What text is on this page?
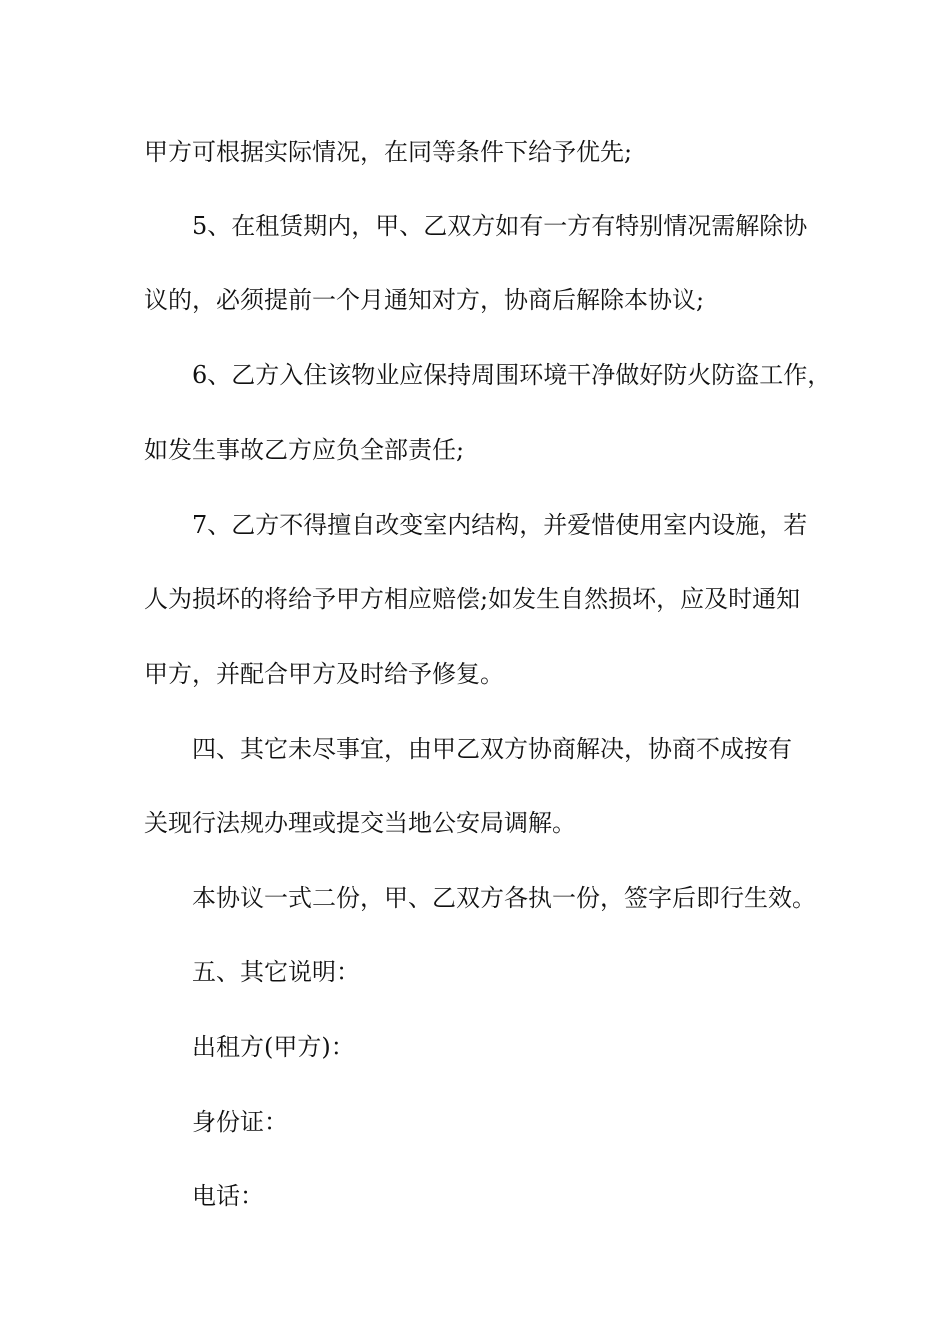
甲方可根据实际情况，在同等条件下给予优先;
5、在租赁期内，甲、乙双方如有一方有特别情况需解除协
议的，必须提前一个月通知对方，协商后解除本协议;
6、乙方入住该物业应保持周围环境干净做好防火防盗工作，
如发生事故乙方应负全部责任;
7、乙方不得擅自改变室内结构，并爱惜使用室内设施，若
人为损坏的将给予甲方相应赔偿;如发生自然损坏，应及时通知
甲方，并配合甲方及时给予修复。
四、其它未尽事宜，由甲乙双方协商解决，协商不成按有
关现行法规办理或提交当地公安局调解。
本协议一式二份，甲、乙双方各执一份，签字后即行生效。
五、其它说明：
出租方(甲方)：
身份证：
电话：
